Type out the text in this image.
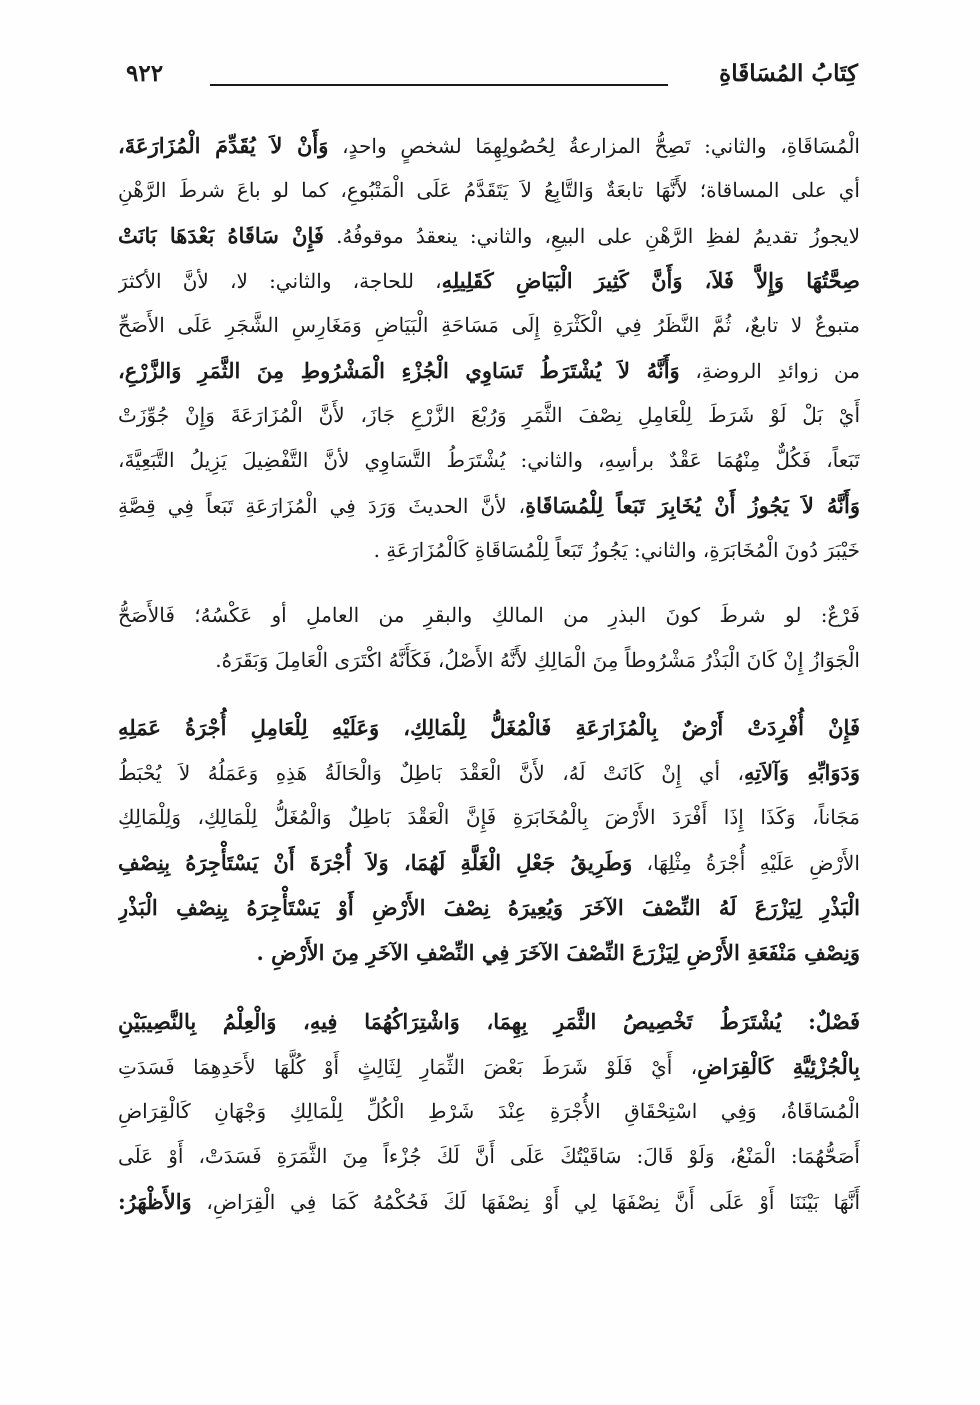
كِتَابُ المُسَاقَاةِ
٩٢٢
الْمُسَاقَاةِ، والثاني: تَصِحُّ المزارعةُ لِحُصُولِهِمَا لشخصٍ واحدٍ، وَأَنْ لاَ يُقَدِّمَ الْمُزَارَعَةَ،
أي على المساقاة؛ لأَنَّهَا تابعَةٌ وَالتَّابِعُ لاَ يَتَقَدَّمُ عَلَى الْمَتْبُوعِ، كما لو باعَ شرطَ الرَّهْنِ
لايجوزُ تقديمُ لفظِ الرَّهْنِ على البيعِ، والثاني: ينعقدُ موقوفُهُ. فَإِنْ سَاقَاهُ بَعْدَهَا بَانَتْ
صِحَّتُهَا وَإِلاَّ فَلاَ، وَأَنَّ كَثِيرَ الْبَيَاضِ كَقَلِيلِهِ، للحاجة، والثاني: لا، لأنَّ الأكثرَ
متبوعٌ لا تابعٌ، ثُمَّ النَّظَرُ فِي الْكَثْرَةِ إِلَى مَسَاحَةِ الْبَيَاضِ وَمَغَارِسِ الشَّجَرِ عَلَى الأَصَحِّ
من زوائدِ الروضةِ، وَأَنَّهُ لاَ يُشْتَرَطُ تَسَاوِي الْجُزْءِ الْمَشْرُوطِ مِنَ الثَّمَرِ وَالزَّرْعِ،
أَيْ بَلْ لَوْ شَرَطَ لِلْعَامِلِ نِصْفَ الثَّمَرِ وَرُبْعَ الزَّرْعِ جَازَ، لأَنَّ الْمُزَارَعَةَ وَإِنْ جُوِّزَتْ
تَبَعاً، فَكُلٌّ مِنْهُمَا عَقْدٌ برأسِهِ، والثاني: يُشْتَرَطُ التَّسَاوِي لأنَّ التَّفْضِيلَ يَزِيلُ التَّبَعِيَّةَ،
وَأَنَّهُ لاَ يَجُوزُ أَنْ يُخَابِرَ تَبَعاً لِلْمُسَاقَاةِ، لأنَّ الحديثَ وَرَدَ فِي الْمُزَارَعَةِ تَبَعاً فِي قِصَّةِ
خَيْبَرَ دُونَ الْمُخَابَرَةِ، والثاني: يَجُوزُ تَبَعاً لِلْمُسَاقَاةِ كَالْمُزَارَعَةِ .
فَرْعٌ: لو شرطَ كونَ البذرِ من المالكِ والبقرِ من العاملِ أو عَكْسُهُ؛ فَالأَصَحُّ
الْجَوَازُ إِنْ كَانَ الْبَذْرُ مَشْرُوطاً مِنَ الْمَالِكِ لأَنَّهُ الأَصْلُ، فَكَأَنَّهُ اكْتَرَى الْعَامِلَ وَبَقَرَهُ.
فَإِنْ أُفْرِدَتْ أَرْضٌ بِالْمُزَارَعَةِ فَالْمُغَلُّ لِلْمَالِكِ، وَعَلَيْهِ لِلْعَامِلِ أُجْرَةُ عَمَلِهِ
وَدَوَابِّهِ وَآلاَتِهِ، أي إِنْ كَانَتْ لَهُ، لأَنَّ الْعَقْدَ بَاطِلٌ وَالْحَالَةُ هَذِهِ وَعَمَلُهُ لاَ يُحْبَطُ
مَجَاناً، وَكَذَا إِذَا أَفْرَدَ الأَرْضَ بِالْمُخَابَرَةِ فَإِنَّ الْعَقْدَ بَاطِلٌ وَالْمُغَلُّ لِلْمَالِكِ، وَلِلْمَالِكِ
الأَرْضِ عَلَيْهِ أُجْرَةُ مِثْلِهَا، وَطَرِيقُ جَعْلِ الْغَلَّةِ لَهُمَا، وَلاَ أُجْرَةَ أَنْ يَسْتَأْجِرَهُ بِنِصْفِ
الْبَذْرِ لِيَزْرَعَ لَهُ النِّصْفَ الآخَرَ وَيُعِيرَهُ نِصْفَ الأَرْضِ أَوْ يَسْتَأْجِرَهُ بِنِصْفِ الْبَذْرِ
وَنِصْفِ مَنْفَعَةِ الأَرْضِ لِيَزْرَعَ النِّصْفَ الآخَرَ فِي النِّصْفِ الآخَرِ مِنَ الأَرْضِ .
فَصْلٌ: يُشْتَرَطُ تَخْصِيصُ الثَّمَرِ بِهِمَا، وَاشْتِرَاكُهُمَا فِيهِ، وَالْعِلْمُ بِالنَّصِيبَيْنِ
بِالْجُزْئِيَّةِ كَالْقِرَاضِ، أَيْ فَلَوْ شَرَطَ بَعْضَ الثِّمَارِ لِثَالِثٍ أَوْ كُلَّهَا لأَحَدِهِمَا فَسَدَتِ
الْمُسَاقَاةُ، وَفِي اسْتِحْقَاقِ الأُجْرَةِ عِنْدَ شَرْطِ الْكُلِّ لِلْمَالِكِ وَجْهَانِ كَالْقِرَاضِ
أَصَحُّهُمَا: الْمَنْعُ، وَلَوْ قَالَ: سَاقَيْتُكَ عَلَى أَنَّ لَكَ جُزْءاً مِنَ الثَّمَرَةِ فَسَدَتْ، أَوْ عَلَى
أَنَّهَا بَيْنَنَا أَوْ عَلَى أَنَّ نِصْفَهَا لِي أَوْ نِصْفَهَا لَكَ فَحُكْمُهُ كَمَا فِي الْقِرَاضِ، وَالأَظْهَرُ:
